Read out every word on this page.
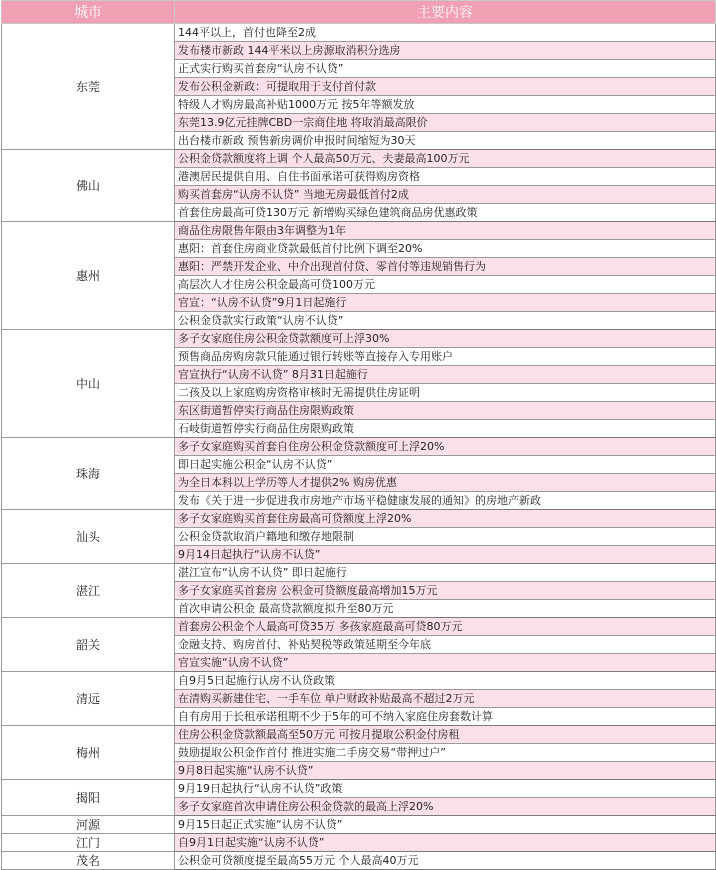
城市	主要内容
东莞	144平以上，首付也降至2成
	发布楼市新政 144平米以上房源取消积分选房
	正式实行购买首套房“认房不认贷”
	发布公积金新政：可提取用于支付首付款
	特级人才购房最高补贴1000万元 按5年等额发放
	东莞13.9亿元挂牌CBD一宗商住地 将取消最高限价
	出台楼市新政 预售新房调价申报时间缩短为30天
佛山	公积金贷款额度将上调 个人最高50万元、夫妻最高100万元
	港澳居民提供自用、自住书面承诺可获得购房资格
	购买首套房“认房不认贷” 当地无房最低首付2成
	首套住房最高可贷130万元 新增购买绿色建筑商品房优惠政策
惠州	商品住房限售年限由3年调整为1年
	惠阳：首套住房商业贷款最低首付比例下调至20%
	惠阳：严禁开发企业、中介出现首付贷、零首付等违规销售行为
	高层次人才住房公积金最高可贷100万元
	官宣：“认房不认贷”9月1日起施行
	公积金贷款实行政策“认房不认贷”
中山	多子女家庭住房公积金贷款额度可上浮30%
	预售商品房购房款只能通过银行转账等直接存入专用账户
	官宣执行“认房不认贷” 8月31日起施行
	二孩及以上家庭购房资格审核时无需提供住房证明
	东区街道暂停实行商品住房限购政策
	石岐街道暂停实行商品住房限购政策
珠海	多子女家庭购买首套自住房公积金贷款额度可上浮20%
	即日起实施公积金“认房不认贷”
	为全日本科以上学历等人才提供2% 购房优惠
	发布《关于进一步促进我市房地产市场平稳健康发展的通知》的房地产新政
汕头	多子女家庭购买首套住房最高可贷额度上浮20%
	公积金贷款取消户籍地和缴存地限制
	9月14日起执行“认房不认贷”
湛江	湛江宣布“认房不认贷” 即日起施行
	多子女家庭买首套房 公积金可贷额度最高增加15万元
	首次申请公积金 最高贷款额度拟升至80万元
韶关	首套房公积金个人最高可贷35万 多孩家庭最高可贷80万元
	金融支持、购房首付、补贴契税等政策延期至今年底
	官宣实施“认房不认贷”
清远	自9月5日起施行认房不认贷政策
	在清购买新建住宅、一手车位 单户财政补贴最高不超过2万元
	自有房用于长租承诺租期不少于5年的可不纳入家庭住房套数计算
梅州	住房公积金贷款额最高至50万元 可按月提取公积金付房租
	鼓励提取公积金作首付 推进实施二手房交易“带押过户”
	9月8日起实施“认房不认贷”
揭阳	9月19日起执行“认房不认贷”政策
	多子女家庭首次申请住房公积金贷款的最高上浮20%
河源	9月15日起正式实施“认房不认贷”
江门	自9月1日起实施“认房不认贷”
茂名	公积金可贷额度提至最高55万元 个人最高40万元
